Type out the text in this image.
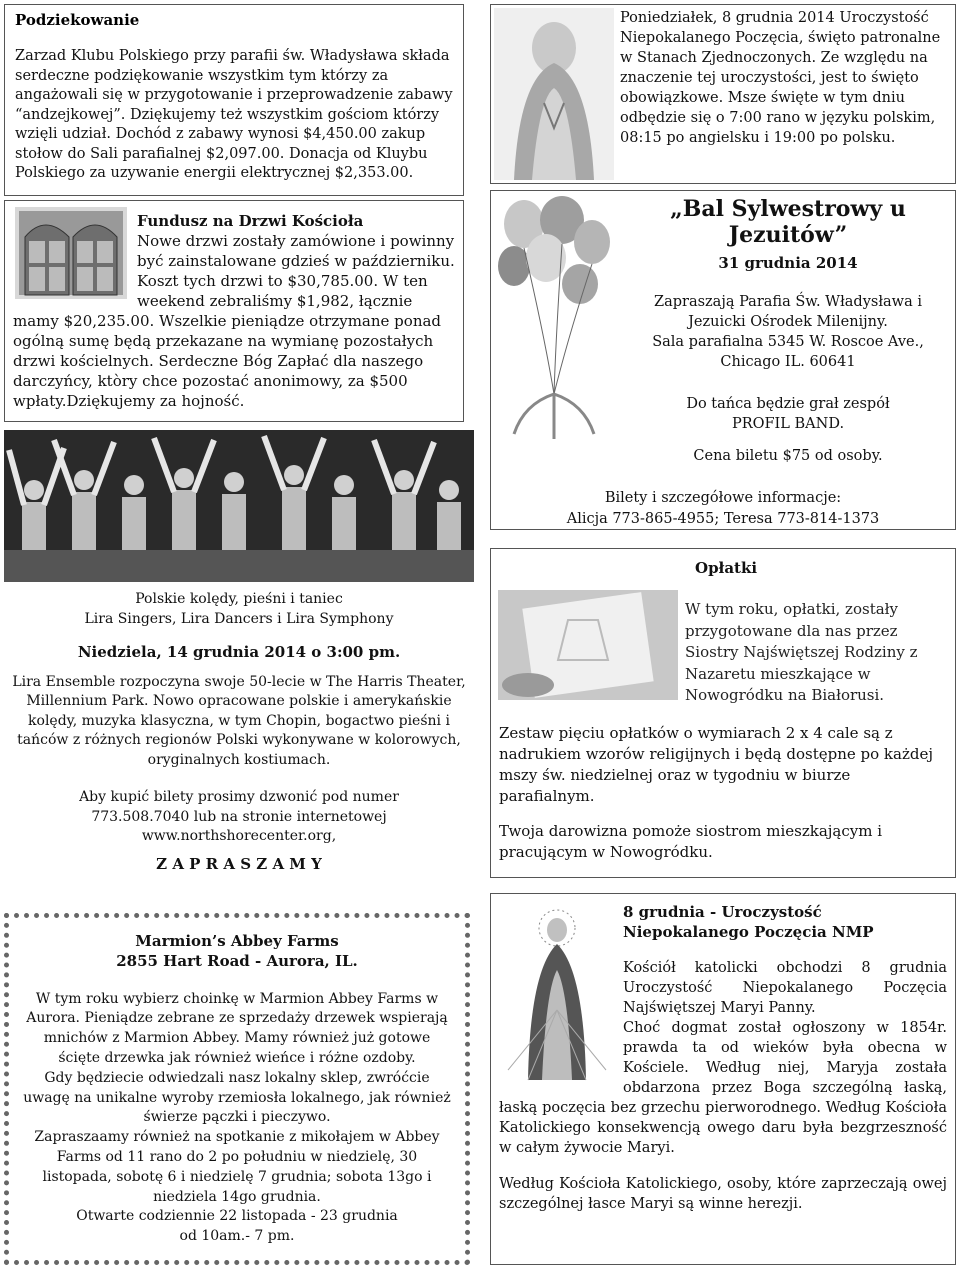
Podziekowanie

Zarzad Klubu Polskiego przy parafii św. Władysława składa serdeczne podziękowanie wszystkim tym którzy za angażowali się w przygotowanie i przeprowadzenie zabawy “andzejkowej”. Dziękujemy też wszystkim gościom którzy wzięli udział. Dochód z zabawy wynosi $4,450.00 zakup stołow do Sali parafialnej $2,097.00. Donacja od Kluybu Polskiego za uzywanie energii elektrycznej $2,353.00.

Fundusz na Drzwi Kościoła
Nowe drzwi zostały zamówione i powinny być zainstalowane gdzieś w październiku. Koszt tych drzwi to $30,785.00. W ten weekend zebraliśmy $1,982, łącznie mamy $20,235.00. Wszelkie pieniądze otrzymane ponad ogólną sumę będą przekazane na wymianę pozostałych drzwi kościelnych. Serdeczne Bóg Zapłać dla naszego darczyńcy, ktòry chce pozostać anonimowy, za $500 wpłaty.Dziękujemy za hojność.
Poniedziałek, 8 grudnia 2014 Uroczystość Niepokalanego Poczęcia, święto patronalne w Stanach Zjednoczonych. Ze względu na znaczenie tej uroczystości, jest to święto obowiązkowe. Msze święte w tym dniu odbędzie się o 7:00 rano w języku polskim, 08:15 po angielsku i 19:00 po polsku.
„Bal Sylwestrowy u Jezuitów”
31 grudnia 2014
Zapraszają Parafia Św. Władysława i
Jezuicki Ośrodek Milenijny.
Sala parafialna 5345 W. Roscoe Ave.,
Chicago IL. 60641
Do tańca będzie grał zespół
PROFIL BAND.
Cena biletu $75 od osoby.
Bilety i szczegółowe informacje:
Alicja 773-865-4955; Teresa 773-814-1373
Polskie kolędy, pieśni i taniec
Lira Singers, Lira Dancers i Lira Symphony
Niedziela, 14 grudnia 2014 o 3:00 pm.
Lira Ensemble rozpoczyna swoje 50-lecie w The Harris Theater, Millennium Park. Nowo opracowane polskie i amerykańskie kolędy, muzyka klasyczna, w tym Chopin, bogactwo pieśni i tańców z różnych regionów Polski wykonywane w kolorowych, oryginalnych kostiumach.
Aby kupić bilety prosimy dzwonić pod numer 773.508.7040 lub na stronie internetowej www.northshorecenter.org,
Z A P R A S Z A M Y
Marmion’s Abbey Farms
2855 Hart Road - Aurora, IL.
W tym roku wybierz choinkę w Marmion Abbey Farms w Aurora. Pieniądze zebrane ze sprzedaży drzewek wspierają mnichów z Marmion Abbey. Mamy również już gotowe ścięte drzewka jak również wieńce i różne ozdoby.
Gdy będziecie odwiedzali nasz lokalny sklep, zwróćcie uwagę na unikalne wyroby rzemiosła lokalnego, jak również świerze pączki i pieczywo.
Zapraszaamy również na spotkanie z mikołajem w Abbey Farms od 11 rano do 2 po południu w niedzielę, 30 listopada, sobotę 6 i niedzielę 7 grudnia; sobota 13go i niedziela 14go grudnia.
Otwarte codziennie 22 listopada - 23 grudnia
od 10am.- 7 pm.
Opłatki
W tym roku, opłatki, zostały przygotowane dla nas przez Siostry Najświętszej Rodziny z Nazaretu mieszkające w Nowogródku na Białorusi.
Zestaw pięciu opłatków o wymiarach 2 x 4 cale są z nadrukiem wzorów religijnych i będą dostępne po każdej mszy św. niedzielnej oraz w tygodniu w biurze parafialnym.
Twoja darowizna pomoże siostrom mieszkającym i pracującym w Nowogródku.
8 grudnia - Uroczystość Niepokalanego Poczęcia NMP
Kościół katolicki obchodzi 8 grudnia Uroczystość Niepokalanego Poczęcia Najświętszej Maryi Panny.
Choć dogmat został ogłoszony w 1854r. prawda ta od wieków była obecna w Kościele. Według niej, Maryja została obdarzona przez Boga szczególną łaską, łaską poczęcia bez grzechu pierworodnego. Według Kościoła Katolickiego konsekwencją owego daru była bezgrzeszność w całym żywocie Maryi.
Według Kościoła Katolickiego, osoby, które zaprzeczają owej szczególnej łasce Maryi są winne herezji.
